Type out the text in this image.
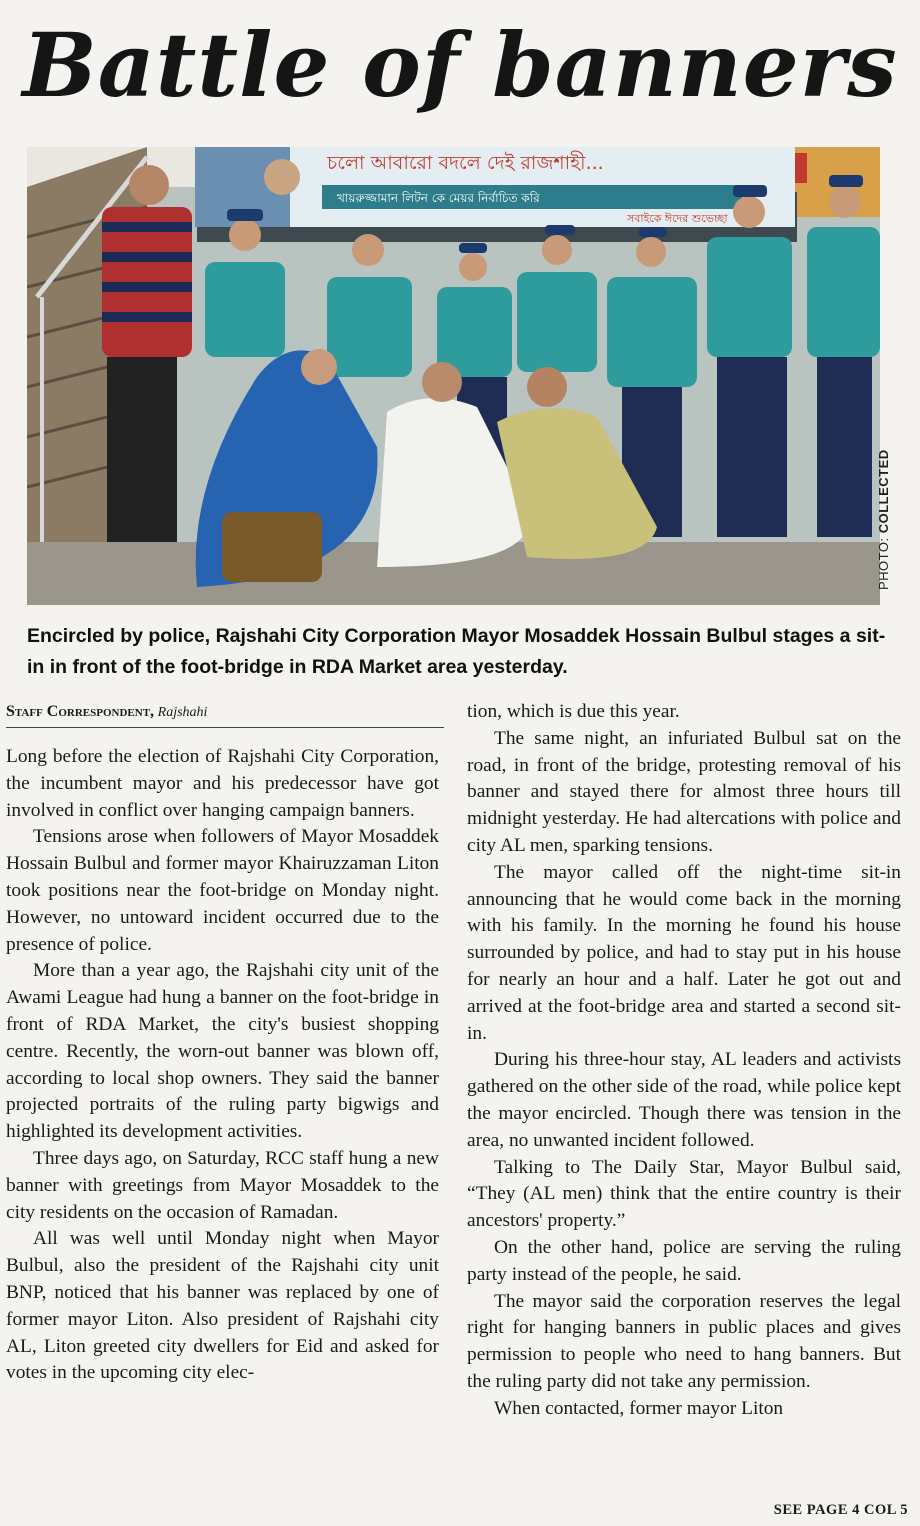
Battle of banners
চলো আবারো বদলে দেই রাজশাহী...
খায়রুজ্জামান লিটন কে মেয়র নির্বাচিত করি
সবাইকে ঈদের শুভেচ্ছা
PHOTO: COLLECTED
Encircled by police, Rajshahi City Corporation Mayor Mosaddek Hossain Bulbul stages a sit-in in front of the foot-bridge in RDA Market area yesterday.
Staff Correspondent, Rajshahi

Long before the election of Rajshahi City Corporation, the incumbent mayor and his predecessor have got involved in conflict over hanging campaign banners.

Tensions arose when followers of Mayor Mosaddek Hossain Bulbul and former mayor Khairuzzaman Liton took positions near the foot-bridge on Monday night. However, no untoward incident occurred due to the presence of police.

More than a year ago, the Rajshahi city unit of the Awami League had hung a banner on the foot-bridge in front of RDA Market, the city's busiest shopping centre. Recently, the worn-out banner was blown off, according to local shop owners. They said the banner projected portraits of the ruling party bigwigs and highlighted its development activities.

Three days ago, on Saturday, RCC staff hung a new banner with greetings from Mayor Mosaddek to the city residents on the occasion of Ramadan.

All was well until Monday night when Mayor Bulbul, also the president of the Rajshahi city unit BNP, noticed that his banner was replaced by one of former mayor Liton. Also president of Rajshahi city AL, Liton greeted city dwellers for Eid and asked for votes in the upcoming city elec-

tion, which is due this year.

The same night, an infuriated Bulbul sat on the road, in front of the bridge, protesting removal of his banner and stayed there for almost three hours till midnight yesterday. He had altercations with police and city AL men, sparking tensions.

The mayor called off the night-time sit-in announcing that he would come back in the morning with his family. In the morning he found his house surrounded by police, and had to stay put in his house for nearly an hour and a half. Later he got out and arrived at the foot-bridge area and started a second sit-in.

During his three-hour stay, AL leaders and activists gathered on the other side of the road, while police kept the mayor encircled. Though there was tension in the area, no unwanted incident followed.

Talking to The Daily Star, Mayor Bulbul said, “They (AL men) think that the entire country is their ancestors' property.”

On the other hand, police are serving the ruling party instead of the people, he said.

The mayor said the corporation reserves the legal right for hanging banners in public places and gives permission to people who need to hang banners. But the ruling party did not take any permission.

When contacted, former mayor Liton

SEE PAGE 4 COL 5
